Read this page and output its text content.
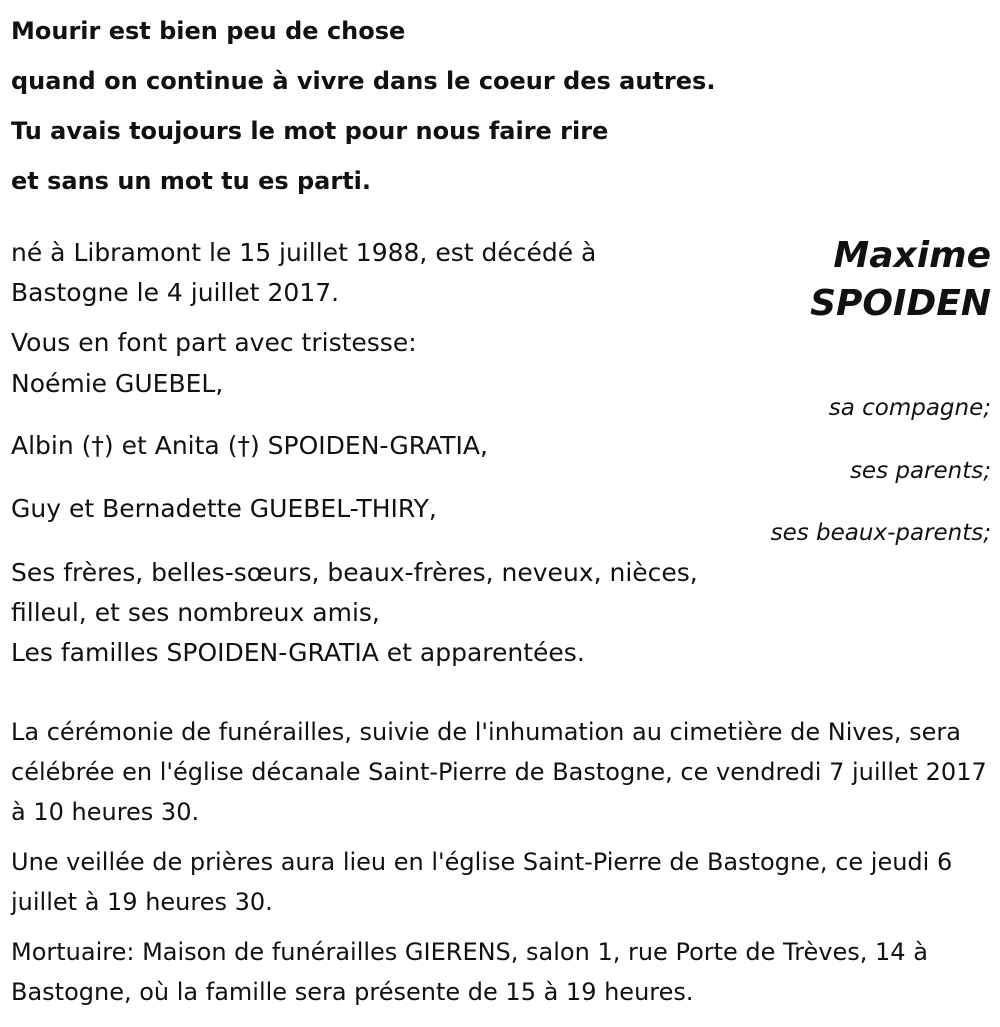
Mourir est bien peu de chose
quand on continue à vivre dans le coeur des autres.
Tu avais toujours le mot pour nous faire rire
et sans un mot tu es parti.
Maxime
SPOIDEN
né à Libramont le 15 juillet 1988, est décédé à
Bastogne le 4 juillet 2017.
Vous en font part avec tristesse:
Noémie GUEBEL,
sa compagne;
Albin (†) et Anita (†) SPOIDEN-GRATIA,
ses parents;
Guy et Bernadette GUEBEL-THIRY,
ses beaux-parents;
Ses frères, belles-sœurs, beaux-frères, neveux, nièces,
filleul, et ses nombreux amis,
Les familles SPOIDEN-GRATIA et apparentées.

La cérémonie de funérailles, suivie de l'inhumation au cimetière de Nives, sera célébrée en l'église décanale Saint-Pierre de Bastogne, ce vendredi 7 juillet 2017 à 10 heures 30.

Une veillée de prières aura lieu en l'église Saint-Pierre de Bastogne, ce jeudi 6 juillet à 19 heures 30.

Mortuaire: Maison de funérailles GIERENS, salon 1, rue Porte de Trèves, 14 à Bastogne, où la famille sera présente de 15 à 19 heures.
